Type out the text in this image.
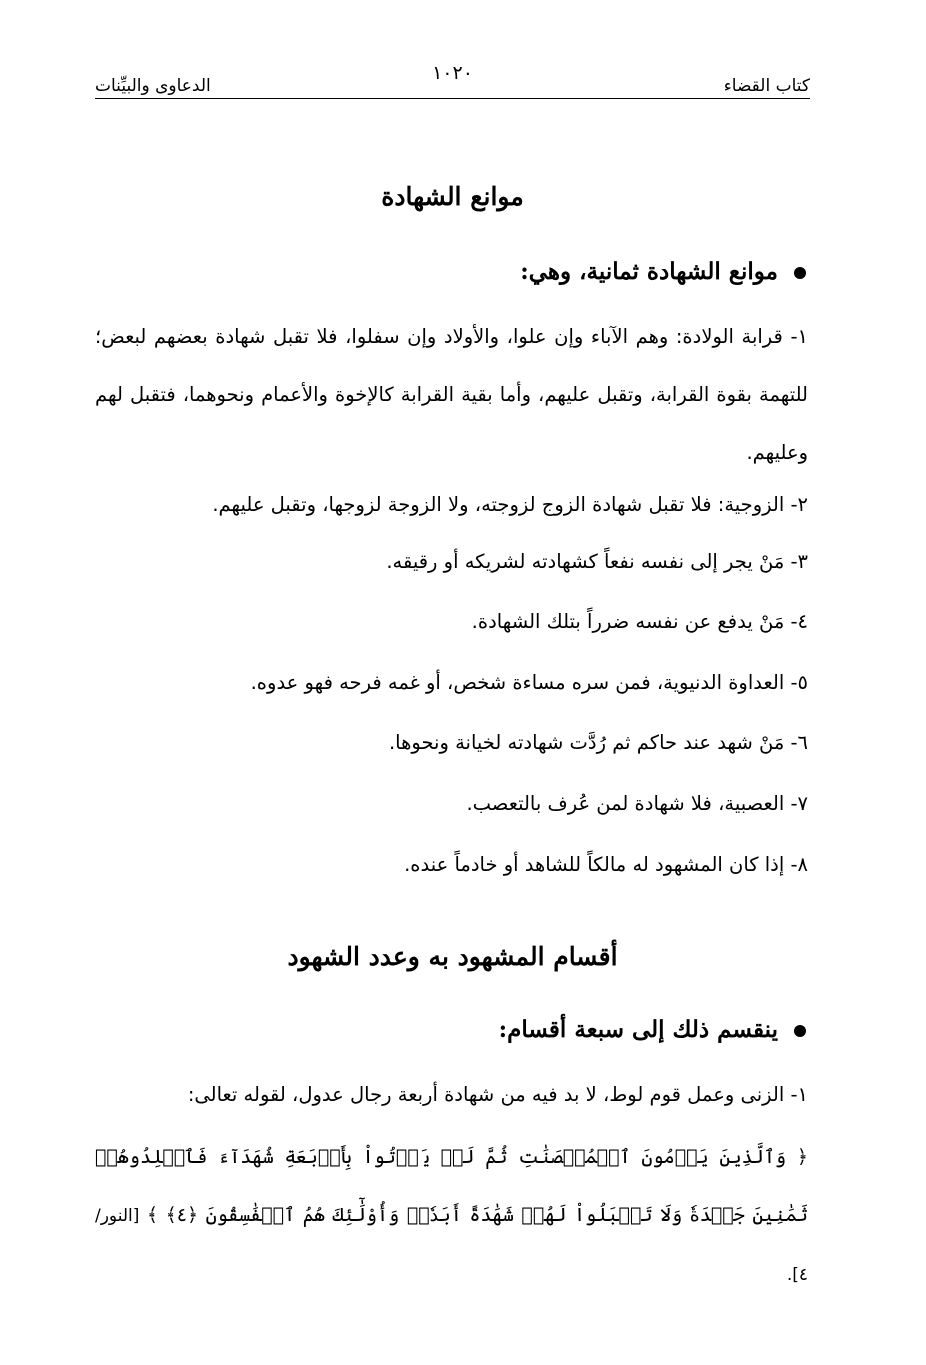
كتاب القضاء
١٠٢٠
الدعاوى والبيِّنات
موانع الشهادة

موانع الشهادة ثمانية، وهي:

١- قرابة الولادة: وهم الآباء وإن علوا، والأولاد وإن سفلوا، فلا تقبل شهادة بعضهم لبعض؛ للتهمة بقوة القرابة، وتقبل عليهم، وأما بقية القرابة كالإخوة والأعمام ونحوهما، فتقبل لهم وعليهم.

٢- الزوجية: فلا تقبل شهادة الزوج لزوجته، ولا الزوجة لزوجها، وتقبل عليهم.

٣- مَنْ يجر إلى نفسه نفعاً كشهادته لشريكه أو رقيقه.

٤- مَنْ يدفع عن نفسه ضرراً بتلك الشهادة.

٥- العداوة الدنيوية، فمن سره مساءة شخص، أو غمه فرحه فهو عدوه.

٦- مَنْ شهد عند حاكم ثم رُدَّت شهادته لخيانة ونحوها.

٧- العصبية، فلا شهادة لمن عُرف بالتعصب.

٨- إذا كان المشهود له مالكاً للشاهد أو خادماً عنده.

أقسام المشهود به وعدد الشهود

ينقسم ذلك إلى سبعة أقسام:

١- الزنى وعمل قوم لوط، لا بد فيه من شهادة أربعة رجال عدول، لقوله تعالى:

﴿ وَٱلَّذِينَ يَرۡمُونَ ٱلۡمُحۡصَنَٰتِ ثُمَّ لَمۡ يَأۡتُواْ بِأَرۡبَعَةِ شُهَدَآءَ فَٱجۡلِدُوهُمۡ ثَمَٰنِينَ جَلۡدَةٗ وَلَا تَقۡبَلُواْ لَهُمۡ شَهَٰدَةً أَبَدٗاۚ وَأُوْلَٰٓئِكَ هُمُ ٱلۡفَٰسِقُونَ ﴿٤﴾ ﴾ [النور/ ٤].
